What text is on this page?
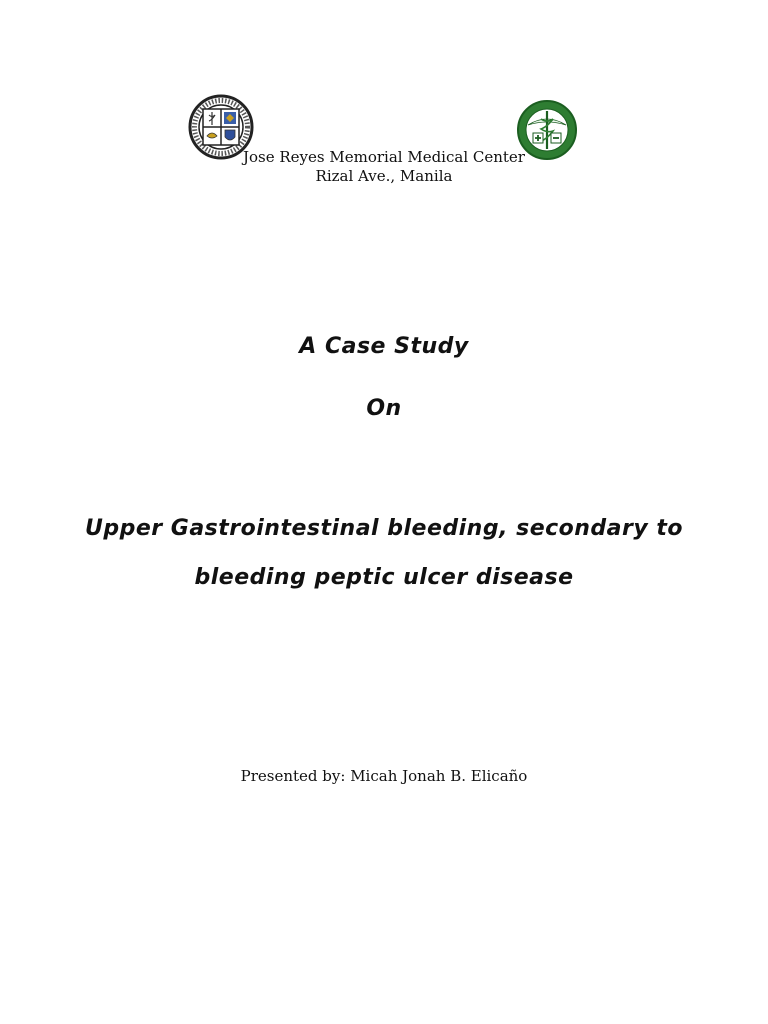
Jose Reyes Memorial Medical Center
Rizal Ave., Manila
A Case Study
On
Upper Gastrointestinal bleeding, secondary to
bleeding peptic ulcer disease
Presented by: Micah Jonah B. Elicaño
